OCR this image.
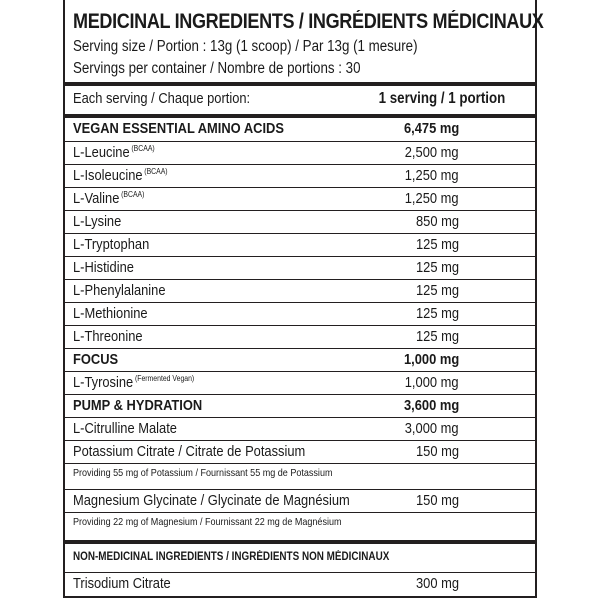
MEDICINAL INGREDIENTS / INGRÉDIENTS MÉDICINAUX
Serving size / Portion : 13g (1 scoop) / Par 13g (1 mesure)
Servings per container / Nombre de portions : 30
Each serving / Chaque portion:	1 serving / 1 portion
VEGAN ESSENTIAL AMINO ACIDS	6,475 mg
L-Leucine $^{(BCAA)}$	2,500 mg
L-Isoleucine $^{(BCAA)}$	1,250 mg
L-Valine $^{(BCAA)}$	1,250 mg
L-Lysine	850 mg
L-Tryptophan	125 mg
L-Histidine	125 mg
L-Phenylalanine	125 mg
L-Methionine	125 mg
L-Threonine	125 mg
FOCUS	1,000 mg
L-Tyrosine $^{(Fermented Vegan)}$	1,000 mg
PUMP & HYDRATION	3,600 mg
L-Citrulline Malate	3,000 mg
Potassium Citrate / Citrate de Potassium	150 mg
Providing 55 mg of Potassium / Fournissant 55 mg de Potassium
Magnesium Glycinate / Glycinate de Magnésium	150 mg
Providing 22 mg of Magnesium / Fournissant 22 mg de Magnésium
NON-MEDICINAL INGREDIENTS / INGRÉDIENTS NON MÉDICINAUX
Trisodium Citrate	300 mg
